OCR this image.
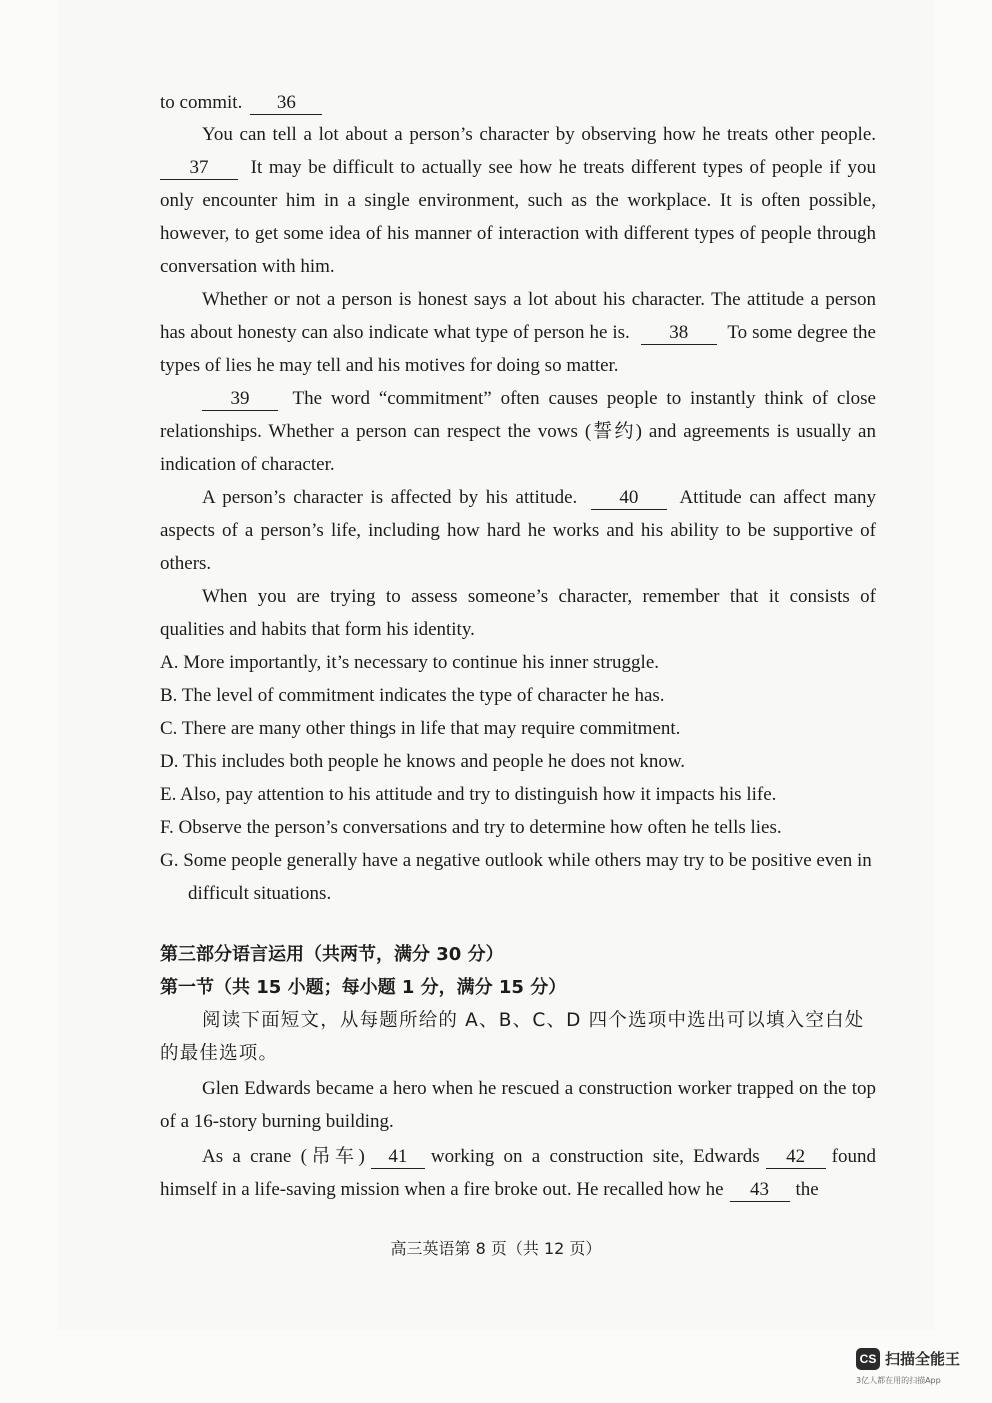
to commit. 36

You can tell a lot about a person’s character by observing how he treats other people. 37 It may be difficult to actually see how he treats different types of people if you only encounter him in a single environment, such as the workplace. It is often possible, however, to get some idea of his manner of interaction with different types of people through conversation with him.

Whether or not a person is honest says a lot about his character. The attitude a person has about honesty can also indicate what type of person he is. 38 To some degree the types of lies he may tell and his motives for doing so matter.

39 The word “commitment” often causes people to instantly think of close relationships. Whether a person can respect the vows (誓约) and agreements is usually an indication of character.

A person’s character is affected by his attitude. 40 Attitude can affect many aspects of a person’s life, including how hard he works and his ability to be supportive of others.

When you are trying to assess someone’s character, remember that it consists of qualities and habits that form his identity.

A. More importantly, it’s necessary to continue his inner struggle.

B. The level of commitment indicates the type of character he has.

C. There are many other things in life that may require commitment.

D. This includes both people he knows and people he does not know.

E. Also, pay attention to his attitude and try to distinguish how it impacts his life.

F. Observe the person’s conversations and try to determine how often he tells lies.

G. Some people generally have a negative outlook while others may try to be positive even in difficult situations.

第三部分语言运用（共两节，满分 30 分）

第一节（共 15 小题；每小题 1 分，满分 15 分）

阅读下面短文，从每题所给的 A、B、C、D 四个选项中选出可以填入空白处的最佳选项。

Glen Edwards became a hero when he rescued a construction worker trapped on the top of a 16-story burning building.

As a crane (吊车) 41 working on a construction site, Edwards 42 found himself in a life-saving mission when a fire broke out. He recalled how he 43 the

高三英语第 8 页（共 12 页）
CS 扫描全能王
3亿人都在用的扫描App
